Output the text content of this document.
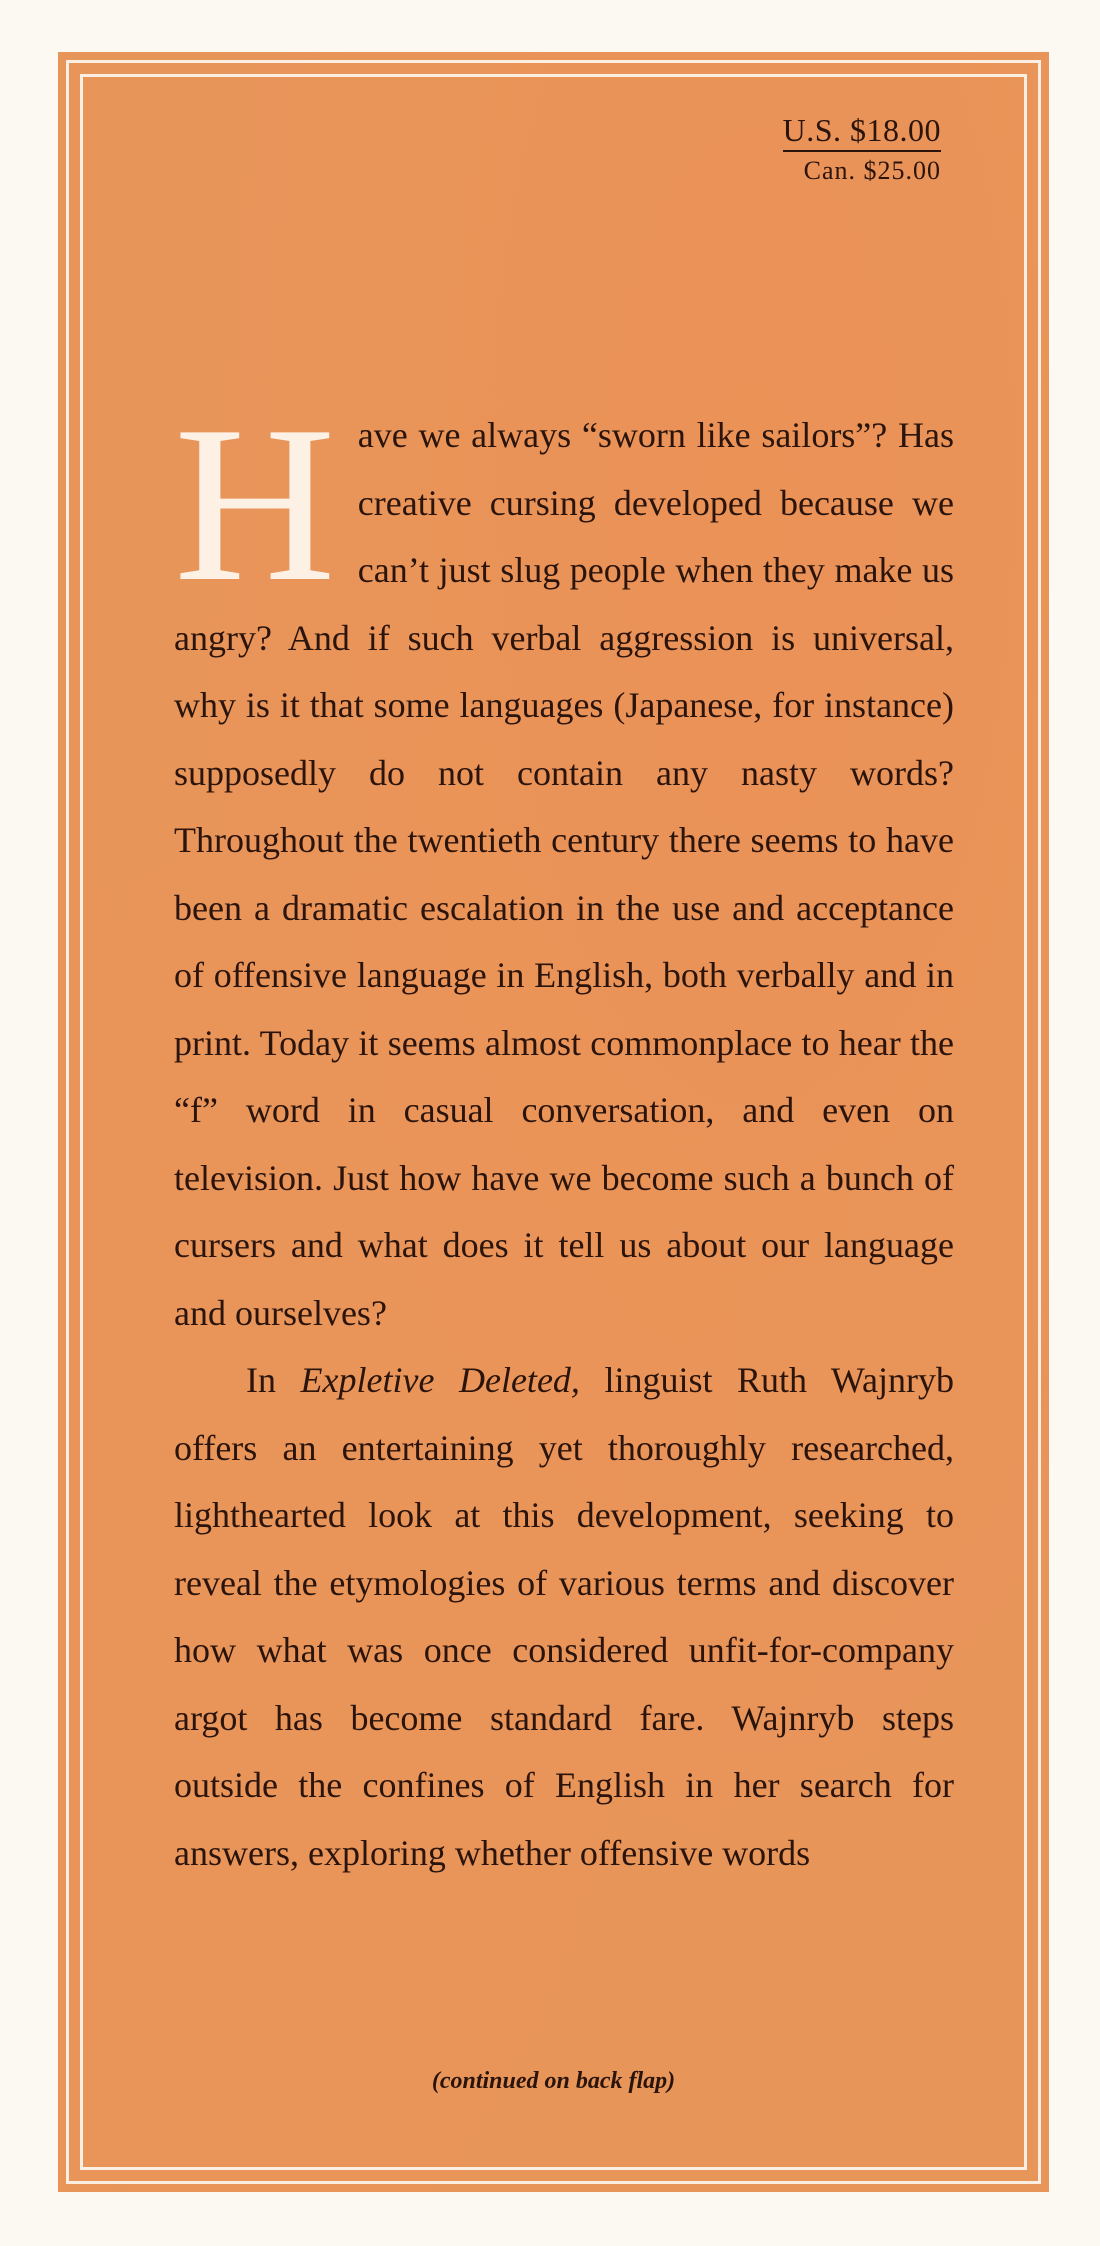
U.S. $18.00
Can. $25.00

Have we always “sworn like sailors”? Has creative cursing developed because we can’t just slug people when they make us angry? And if such verbal aggression is universal, why is it that some languages (Japanese, for instance) supposedly do not contain any nasty words? Throughout the twentieth century there seems to have been a dramatic escalation in the use and acceptance of offensive language in English, both verbally and in print. Today it seems almost commonplace to hear the “f” word in casual conversation, and even on television. Just how have we become such a bunch of cursers and what does it tell us about our language and ourselves?

In Expletive Deleted, linguist Ruth Wajnryb offers an entertaining yet thoroughly researched, lighthearted look at this development, seeking to reveal the etymologies of various terms and discover how what was once considered unfit-for-company argot has become standard fare. Wajnryb steps outside the confines of English in her search for answers, exploring whether offensive words

(continued on back flap)
